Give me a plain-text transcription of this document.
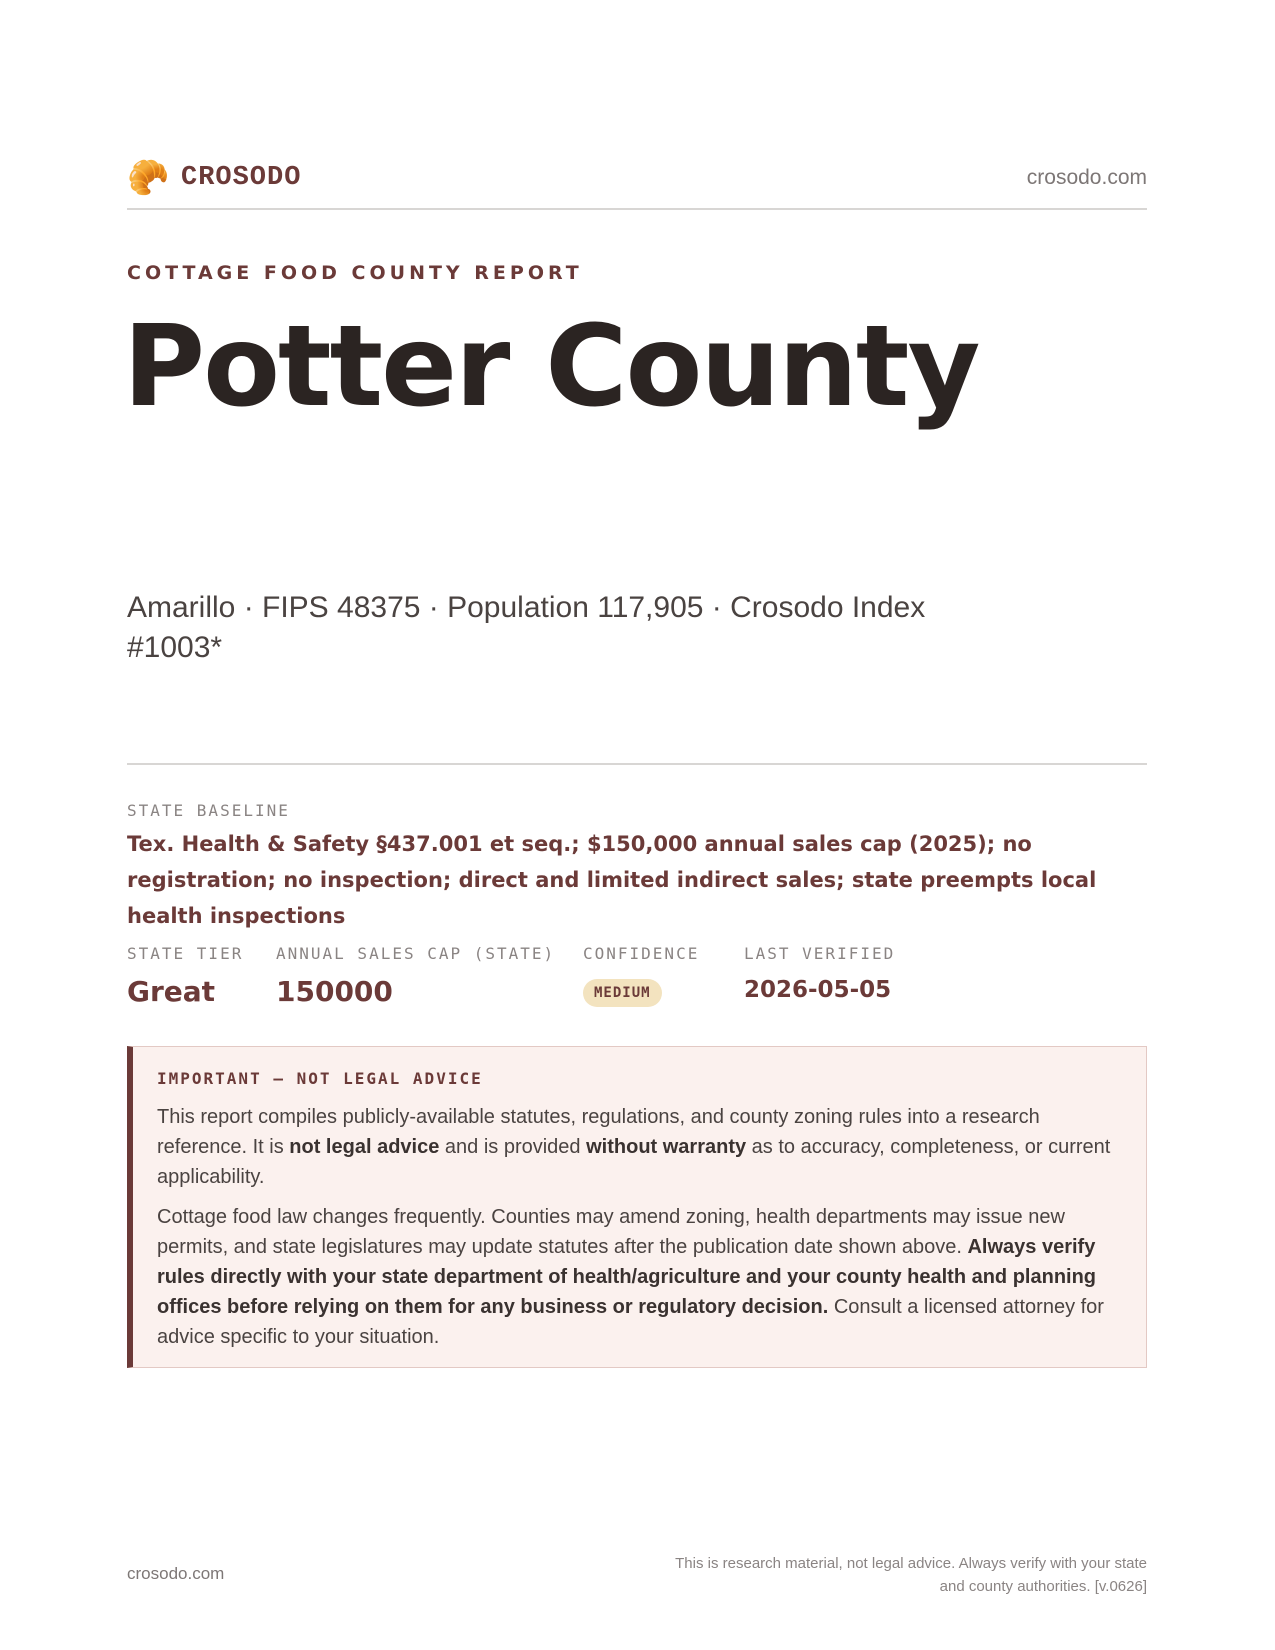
🥐 CROSODO	crosodo.com
COTTAGE FOOD COUNTY REPORT
Potter County
Amarillo · FIPS 48375 · Population 117,905 · Crosodo Index #1003*
STATE BASELINE
Tex. Health & Safety §437.001 et seq.; $150,000 annual sales cap (2025); no registration; no inspection; direct and limited indirect sales; state preempts local health inspections
STATE TIER
Great
ANNUAL SALES CAP (STATE)
150000
CONFIDENCE
MEDIUM
LAST VERIFIED
2026-05-05
IMPORTANT — NOT LEGAL ADVICE

This report compiles publicly-available statutes, regulations, and county zoning rules into a research reference. It is not legal advice and is provided without warranty as to accuracy, completeness, or current applicability.

Cottage food law changes frequently. Counties may amend zoning, health departments may issue new permits, and state legislatures may update statutes after the publication date shown above. Always verify rules directly with your state department of health/agriculture and your county health and planning offices before relying on them for any business or regulatory decision. Consult a licensed attorney for advice specific to your situation.

crosodo.com
This is research material, not legal advice. Always verify with your state
and county authorities. [v.0626]
